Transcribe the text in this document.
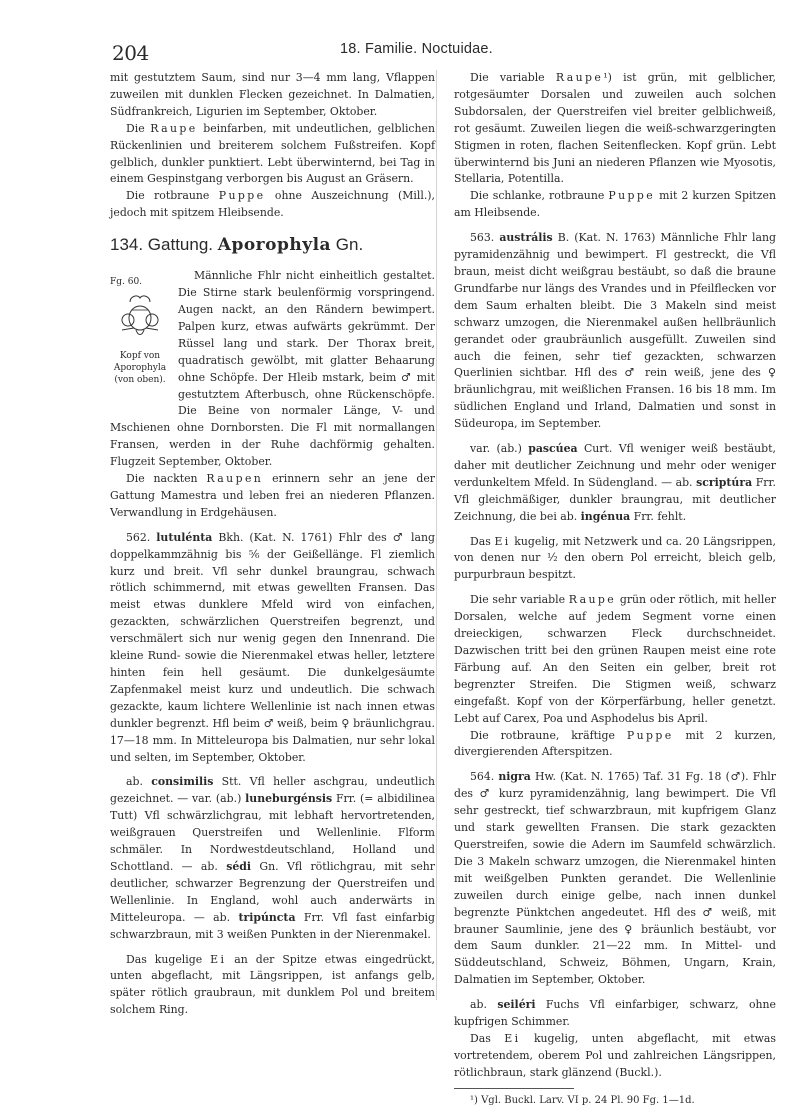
204	18. Familie. Noctuidae.

mit gestutztem Saum, sind nur 3—4 mm lang, Vflappen zuweilen mit dunklen Flecken gezeichnet. In Dalmatien, Südfrankreich, Ligurien im September, Oktober.

Die Raupe beinfarben, mit undeutlichen, gelblichen Rückenlinien und breiterem solchem Fußstreifen. Kopf gelblich, dunkler punktiert. Lebt überwinternd, bei Tag in einem Gespinstgang verborgen bis August an Gräsern.

Die rotbraune Puppe ohne Auszeichnung (Mill.), jedoch mit spitzem Hleibsende.

134. Gattung. Aporophyla Gn.

Fg. 60.
Kopf von Aporophyla (von oben).

Männliche Fhlr nicht einheitlich gestaltet. Die Stirne stark beulenförmig vorspringend. Augen nackt, an den Rändern bewimpert. Palpen kurz, etwas aufwärts gekrümmt. Der Rüssel lang und stark. Der Thorax breit, quadratisch gewölbt, mit glatter Behaarung ohne Schöpfe. Der Hleib mstark, beim ♂ mit gestutztem Afterbusch, ohne Rückenschöpfe. Die Beine von normaler Länge, V- und Mschienen ohne Dornborsten. Die Fl mit normallangen Fransen, werden in der Ruhe dachförmig gehalten. Flugzeit September, Oktober.

Die nackten Raupen erinnern sehr an jene der Gattung Mamestra und leben frei an niederen Pflanzen. Verwandlung in Erdgehäusen.

562. lutulénta Bkh. (Kat. N. 1761) Fhlr des ♂ lang doppelkammzähnig bis ⁵⁄₆ der Geißellänge. Fl ziemlich kurz und breit. Vfl sehr dunkel braungrau, schwach rötlich schimmernd, mit etwas gewellten Fransen. Das meist etwas dunklere Mfeld wird von einfachen, gezackten, schwärzlichen Querstreifen begrenzt, und verschmälert sich nur wenig gegen den Innenrand. Die kleine Rund- sowie die Nierenmakel etwas heller, letztere hinten fein hell gesäumt. Die dunkelgesäumte Zapfenmakel meist kurz und undeutlich. Die schwach gezackte, kaum lichtere Wellenlinie ist nach innen etwas dunkler begrenzt. Hfl beim ♂ weiß, beim ♀ bräunlichgrau. 17—18 mm. In Mitteleuropa bis Dalmatien, nur sehr lokal und selten, im September, Oktober.

ab. consimilis Stt. Vfl heller aschgrau, undeutlich gezeichnet. — var. (ab.) luneburgénsis Frr. (= albidilinea Tutt) Vfl schwärzlichgrau, mit lebhaft hervortretenden, weißgrauen Querstreifen und Wellenlinie. Flform schmäler. In Nordwestdeutschland, Holland und Schottland. — ab. sédi Gn. Vfl rötlichgrau, mit sehr deutlicher, schwarzer Begrenzung der Querstreifen und Wellenlinie. In England, wohl auch anderwärts in Mitteleuropa. — ab. tripúncta Frr. Vfl fast einfarbig schwarzbraun, mit 3 weißen Punkten in der Nierenmakel.

Das kugelige Ei an der Spitze etwas eingedrückt, unten abgeflacht, mit Längsrippen, ist anfangs gelb, später rötlich graubraun, mit dunklem Pol und breitem solchem Ring.

Die variable Raupe¹) ist grün, mit gelblicher, rotgesäumter Dorsalen und zuweilen auch solchen Subdorsalen, der Querstreifen viel breiter gelblichweiß, rot gesäumt. Zuweilen liegen die weiß-schwarzgeringten Stigmen in roten, flachen Seitenflecken. Kopf grün. Lebt überwinternd bis Juni an niederen Pflanzen wie Myosotis, Stellaria, Potentilla.

Die schlanke, rotbraune Puppe mit 2 kurzen Spitzen am Hleibsende.

563. austrális B. (Kat. N. 1763) Männliche Fhlr lang pyramidenzähnig und bewimpert. Fl gestreckt, die Vfl braun, meist dicht weißgrau bestäubt, so daß die braune Grundfarbe nur längs des Vrandes und in Pfeilflecken vor dem Saum erhalten bleibt. Die 3 Makeln sind meist schwarz umzogen, die Nierenmakel außen hellbräunlich gerandet oder graubräunlich ausgefüllt. Zuweilen sind auch die feinen, sehr tief gezackten, schwarzen Querlinien sichtbar. Hfl des ♂ rein weiß, jene des ♀ bräunlichgrau, mit weißlichen Fransen. 16 bis 18 mm. Im südlichen England und Irland, Dalmatien und sonst in Südeuropa, im September.

var. (ab.) pascúea Curt. Vfl weniger weiß bestäubt, daher mit deutlicher Zeichnung und mehr oder weniger verdunkeltem Mfeld. In Südengland. — ab. scriptúra Frr. Vfl gleichmäßiger, dunkler braungrau, mit deutlicher Zeichnung, die bei ab. ingénua Frr. fehlt.

Das Ei kugelig, mit Netzwerk und ca. 20 Längsrippen, von denen nur ¹⁄₂ den obern Pol erreicht, bleich gelb, purpurbraun bespitzt.

Die sehr variable Raupe grün oder rötlich, mit heller Dorsalen, welche auf jedem Segment vorne einen dreieckigen, schwarzen Fleck durchschneidet. Dazwischen tritt bei den grünen Raupen meist eine rote Färbung auf. An den Seiten ein gelber, breit rot begrenzter Streifen. Die Stigmen weiß, schwarz eingefaßt. Kopf von der Körperfärbung, heller genetzt. Lebt auf Carex, Poa und Asphodelus bis April.

Die rotbraune, kräftige Puppe mit 2 kurzen, divergierenden Afterspitzen.

564. nigra Hw. (Kat. N. 1765) Taf. 31 Fg. 18 (♂). Fhlr des ♂ kurz pyramidenzähnig, lang bewimpert. Die Vfl sehr gestreckt, tief schwarzbraun, mit kupfrigem Glanz und stark gewellten Fransen. Die stark gezackten Querstreifen, sowie die Adern im Saumfeld schwärzlich. Die 3 Makeln schwarz umzogen, die Nierenmakel hinten mit weißgelben Punkten gerandet. Die Wellenlinie zuweilen durch einige gelbe, nach innen dunkel begrenzte Pünktchen angedeutet. Hfl des ♂ weiß, mit brauner Saumlinie, jene des ♀ bräunlich bestäubt, vor dem Saum dunkler. 21—22 mm. In Mittel- und Süddeutschland, Schweiz, Böhmen, Ungarn, Krain, Dalmatien im September, Oktober.

ab. seiléri Fuchs Vfl einfarbiger, schwarz, ohne kupfrigen Schimmer.

Das Ei kugelig, unten abgeflacht, mit etwas vortretendem, oberem Pol und zahlreichen Längsrippen, rötlichbraun, stark glänzend (Buckl.).

¹) Vgl. Buckl. Larv. VI p. 24 Pl. 90 Fg. 1—1d.
